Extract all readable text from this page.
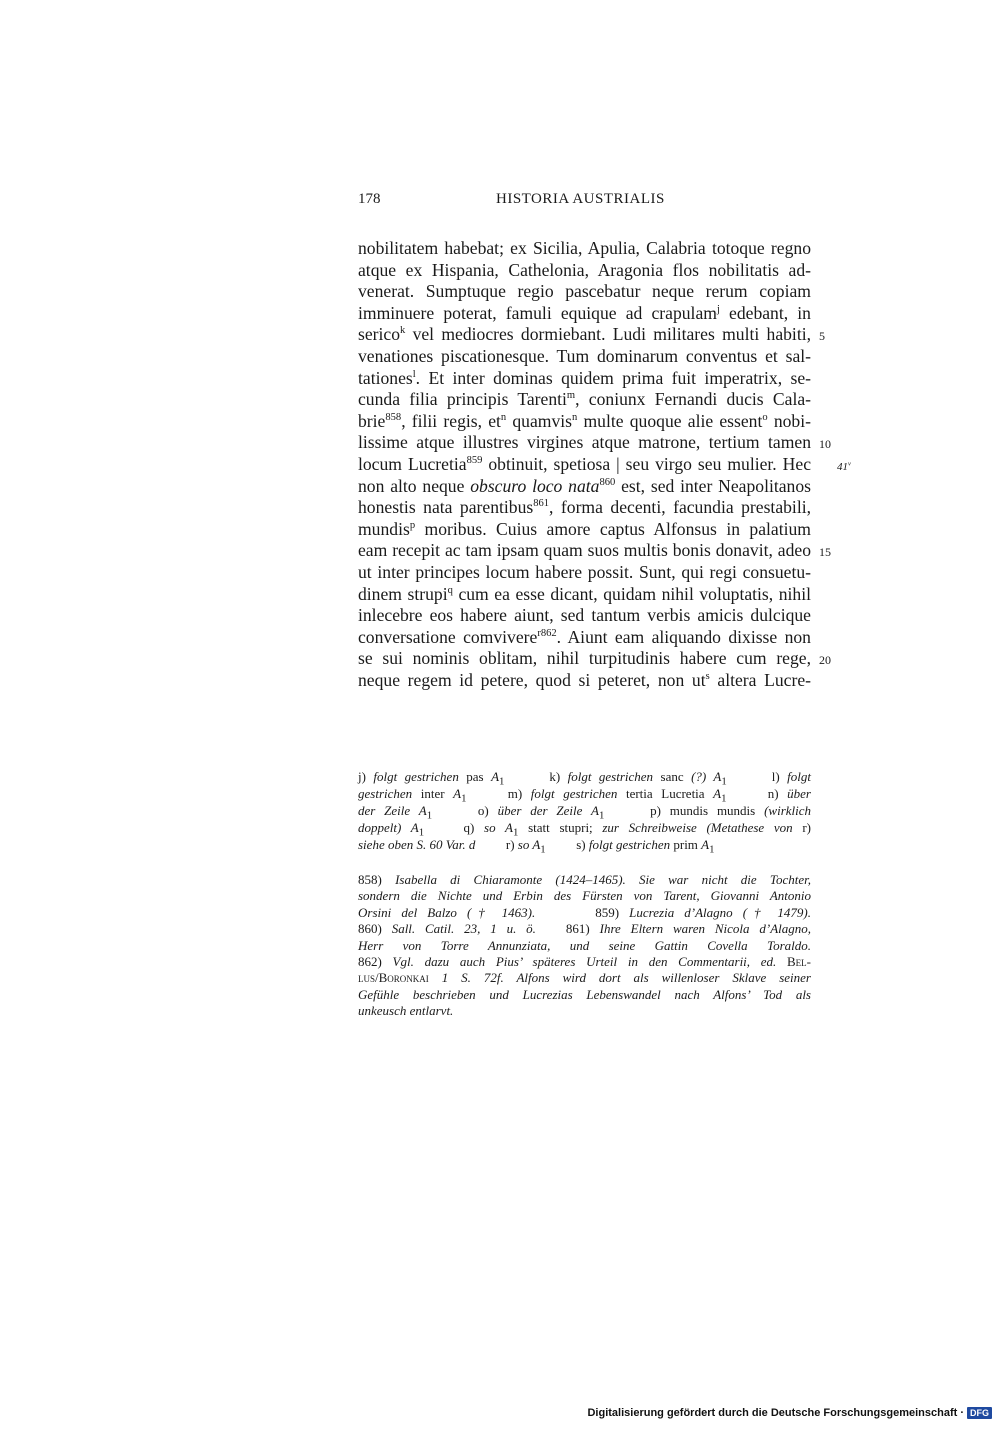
178	HISTORIA AUSTRIALIS
nobilitatem habebat; ex Sicilia, Apulia, Calabria totoque regno
atque ex Hispania, Cathelonia, Aragonia flos nobilitatis ad-
venerat. Sumptuque regio pascebatur neque rerum copiam
imminuere poterat, famuli equique ad crapulam$^j$ edebant, in
serico$^k$ vel mediocres dormiebant. Ludi militares multi habiti,
venationes piscationesque. Tum dominarum conventus et sal-
tationes$^l$. Et inter dominas quidem prima fuit imperatrix, se-
cunda filia principis Tarenti$^m$, coniunx Fernandi ducis Cala-
brie$^{858}$, filii regis, $et^n$ quamvis$^n$ multe quoque alie essent$^o$ nobi-
lissime atque illustres virgines atque matrone, tertium tamen
locum Lucretia$^{859}$ obtinuit, spetiosa | seu virgo seu mulier. Hec
non alto neque obscuro loco nata$^{860}$ est, sed inter Neapolitanos
honestis nata parentibus$^{861}$, forma decenti, facundia prestabili,
mundis$^p$ moribus. Cuius amore captus Alfonsus in palatium
eam recepit ac tam ipsam quam suos multis bonis donavit, adeo
ut inter principes locum habere possit. Sunt, qui regi consuetu-
dinem strupi$^q$ cum ea esse dicant, quidam nihil voluptatis, nihil
inlecebre eos habere aiunt, sed tantum verbis amicis dulcique
conversatione comvivere$^{r862}$. Aiunt eam aliquando dixisse non
se sui nominis oblitam, nihil turpitudinis habere cum rege,
neque regem id petere, quod si peteret, non $ut^s$ altera Lucre-
5
10
15
20
41$^v$
j) folgt gestrichen pas $A_1$	k) folgt gestrichen sanc (?) $A_1$	l) folgt
gestrichen inter $A_1$	m) folgt gestrichen tertia Lucretia $A_1$	n) über
der Zeile $A_1$	o) über der Zeile $A_1$	p) mundis mundis (wirklich
doppelt) $A_1$	q) so $A_1$ statt stupri; zur Schreibweise (Metathese von r)
siehe oben S. 60 Var. d r) so $A_1$ s) folgt gestrichen prim $A_1$
858) Isabella di Chiaramonte (1424–1465). Sie war nicht die Tochter,
sondern die Nichte und Erbin des Fürsten von Tarent, Giovanni Antonio
Orsini del Balzo († 1463).	859) Lucrezia d’Alagno († 1479).
860) Sall. Catil. 23, 1 u. ö. 861) Ihre Eltern waren Nicola d’Alagno,
Herr von Torre Annunziata, und seine Gattin Covella Toraldo.
862) Vgl. dazu auch Pius’ späteres Urteil in den Commentarii, ed. Bel-
lus/Boronkai 1 S. 72f. Alfons wird dort als willenloser Sklave seiner
Gefühle beschrieben und Lucrezias Lebenswandel nach Alfons’ Tod als
unkeusch entlarvt.
Digitalisierung gefördert durch die Deutsche Forschungsgemeinschaft · DFG
